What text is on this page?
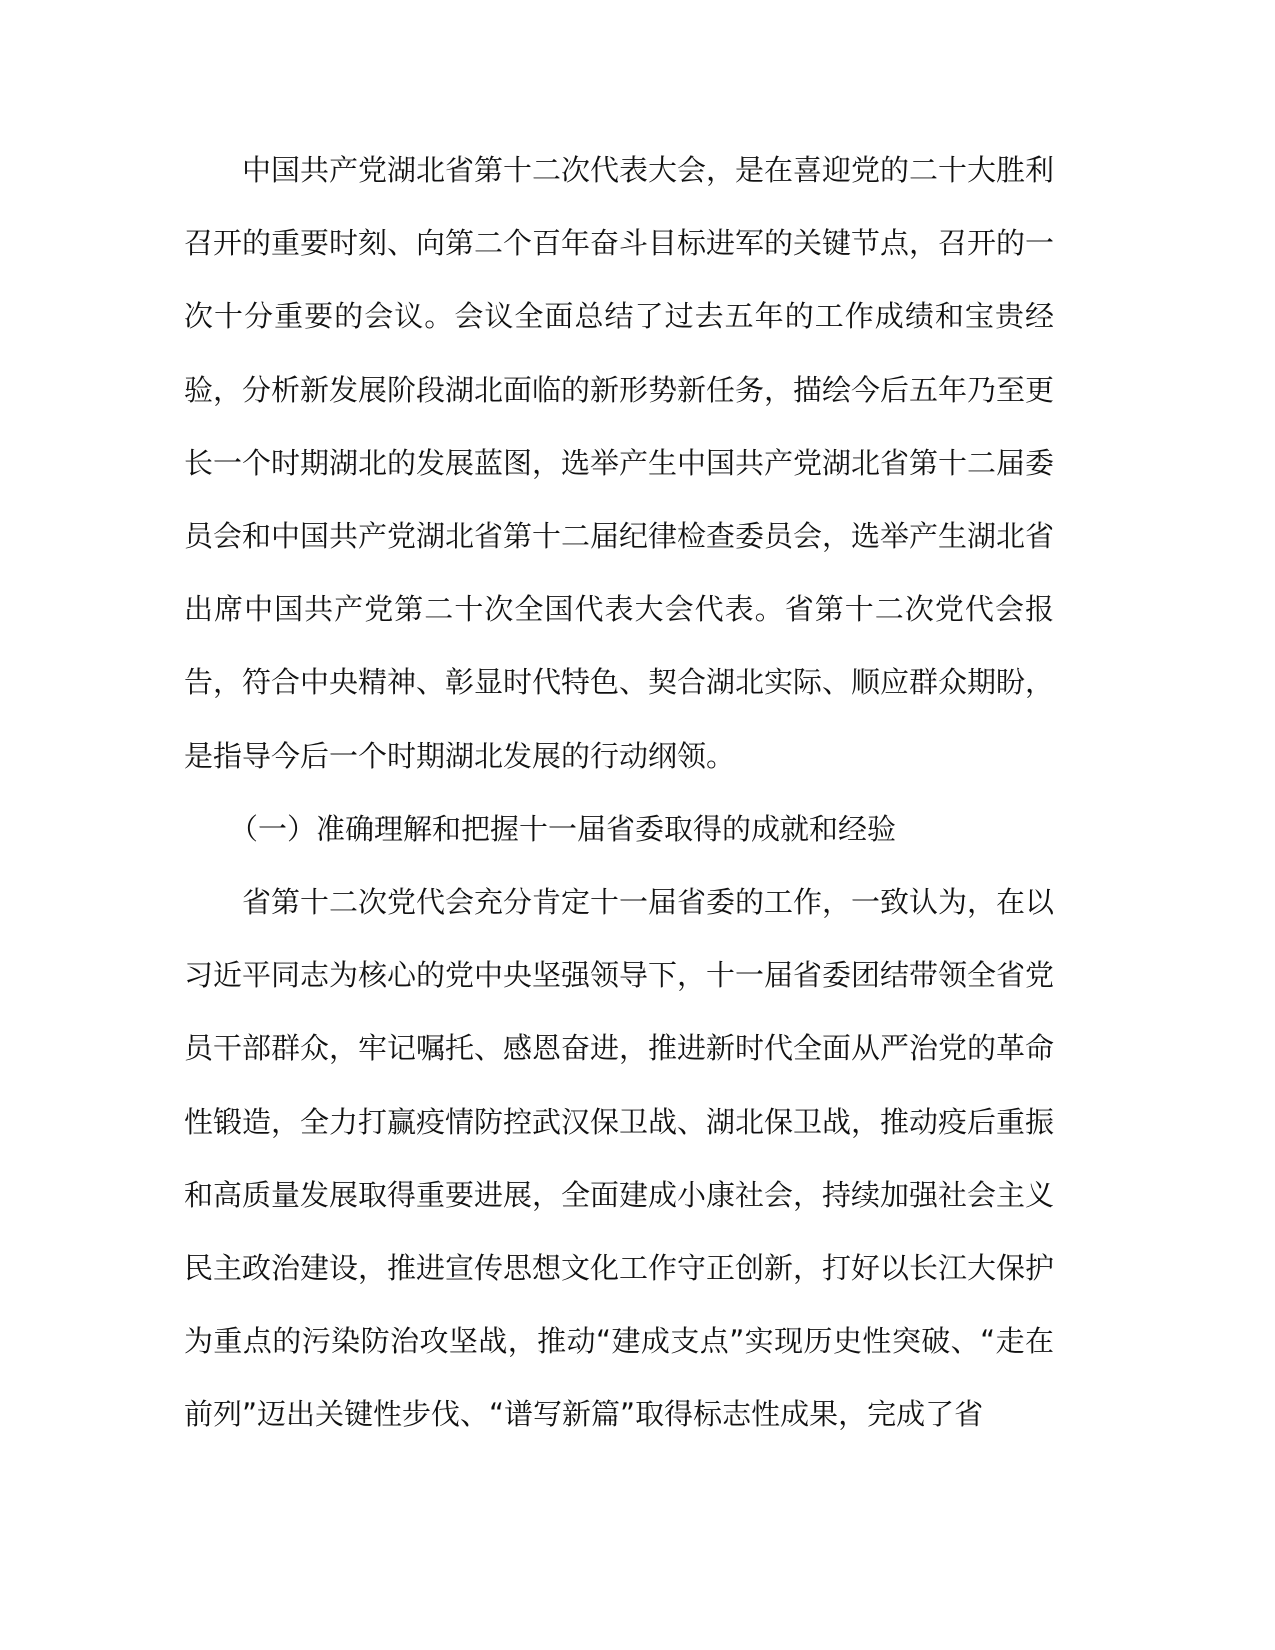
中国共产党湖北省第十二次代表大会，是在喜迎党的二十大胜利召开的重要时刻、向第二个百年奋斗目标进军的关键节点，召开的一次十分重要的会议。会议全面总结了过去五年的工作成绩和宝贵经验，分析新发展阶段湖北面临的新形势新任务，描绘今后五年乃至更长一个时期湖北的发展蓝图，选举产生中国共产党湖北省第十二届委员会和中国共产党湖北省第十二届纪律检查委员会，选举产生湖北省出席中国共产党第二十次全国代表大会代表。省第十二次党代会报告，符合中央精神、彰显时代特色、契合湖北实际、顺应群众期盼，是指导今后一个时期湖北发展的行动纲领。

（一）准确理解和把握十一届省委取得的成就和经验

省第十二次党代会充分肯定十一届省委的工作，一致认为，在以习近平同志为核心的党中央坚强领导下，十一届省委团结带领全省党员干部群众，牢记嘱托、感恩奋进，推进新时代全面从严治党的革命性锻造，全力打赢疫情防控武汉保卫战、湖北保卫战，推动疫后重振和高质量发展取得重要进展，全面建成小康社会，持续加强社会主义民主政治建设，推进宣传思想文化工作守正创新，打好以长江大保护为重点的污染防治攻坚战，推动“建成支点”实现历史性突破、“走在前列”迈出关键性步伐、“谱写新篇”取得标志性成果，完成了省
